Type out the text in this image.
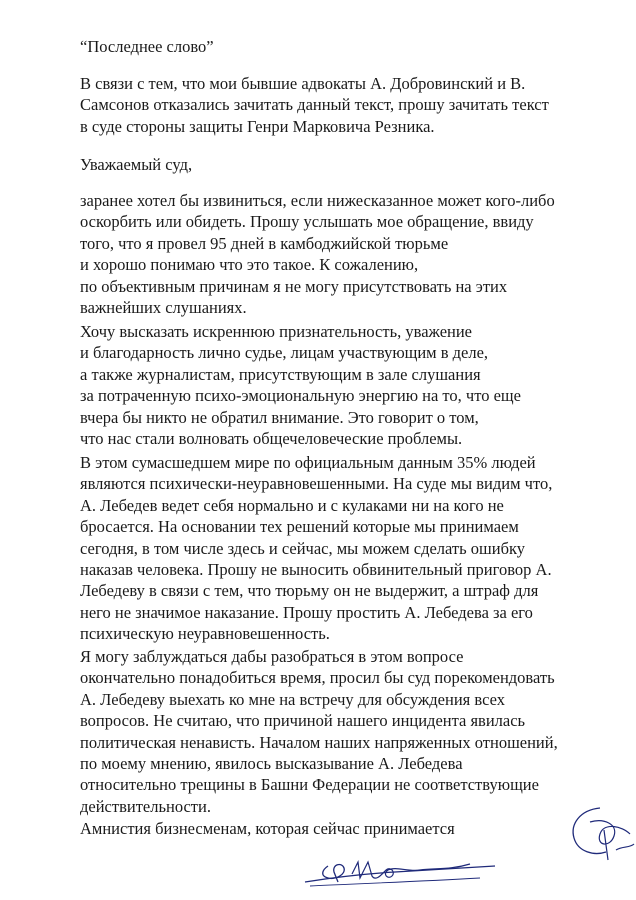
“Последнее слово”

В связи с тем, что мои бывшие адвокаты А. Добровинский и В.
Самсонов отказались зачитать данный текст, прошу зачитать текст
в суде стороны защиты Генри Марковича Резника.

Уважаемый суд,

заранее хотел бы извиниться, если нижесказанное может кого-либо
оскорбить или обидеть. Прошу услышать мое обращение, ввиду
того, что я провел 95 дней в камбоджийской тюрьме
и хорошо понимаю что это такое. К сожалению,
по объективным причинам я не могу присутствовать на этих
важнейших слушаниях.

Хочу высказать искреннюю признательность, уважение
и благодарность лично судье, лицам участвующим в деле,
а также журналистам, присутствующим в зале слушания
за потраченную психо-эмоциональную энергию на то, что еще
вчера бы никто не обратил внимание. Это говорит о том,
что нас стали волновать общечеловеческие проблемы.

В этом сумасшедшем мире по официальным данным 35% людей
являются психически-неуравновешенными. На суде мы видим что,
А. Лебедев ведет себя нормально и с кулаками ни на кого не
бросается. На основании тех решений которые мы принимаем
сегодня, в том числе здесь и сейчас, мы можем сделать ошибку
наказав человека. Прошу не выносить обвинительный приговор А.
Лебедеву в связи с тем, что тюрьму он не выдержит, а штраф для
него не значимое наказание. Прошу простить А. Лебедева за его
психическую неуравновешенность.

Я могу заблуждаться дабы разобраться в этом вопросе
окончательно понадобиться время, просил бы суд порекомендовать
А. Лебедеву выехать ко мне на встречу для обсуждения всех
вопросов. Не считаю, что причиной нашего инцидента явилась
политическая ненависть. Началом наших напряженных отношений,
по моему мнению, явилось высказывание А. Лебедева
относительно трещины в Башни Федерации не соответствующие
действительности.

Амнистия бизнесменам, которая сейчас принимается
